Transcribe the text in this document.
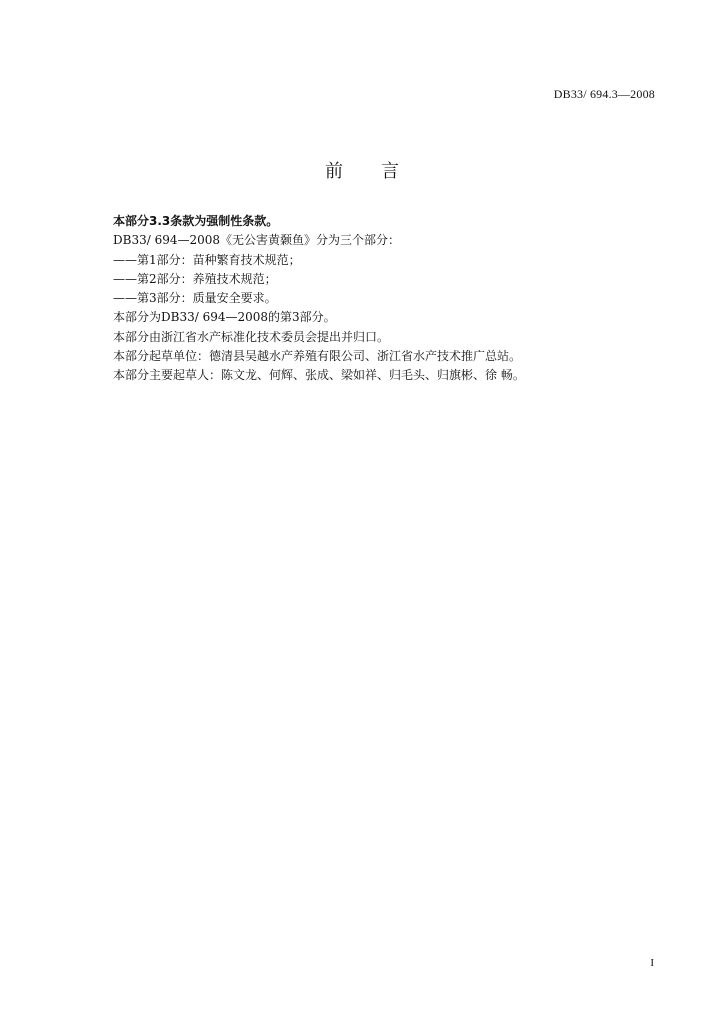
DB33/ 694.3—2008
前 言
本部分3.3条款为强制性条款。
DB33/ 694—2008《无公害黄颡鱼》分为三个部分：
——第1部分：苗种繁育技术规范；
——第2部分：养殖技术规范；
——第3部分：质量安全要求。
本部分为DB33/ 694—2008的第3部分。
本部分由浙江省水产标准化技术委员会提出并归口。
本部分起草单位：德清县吴越水产养殖有限公司、浙江省水产技术推广总站。
本部分主要起草人：陈文龙、何辉、张成、梁如祥、归毛头、归旗彬、徐 畅。
I
